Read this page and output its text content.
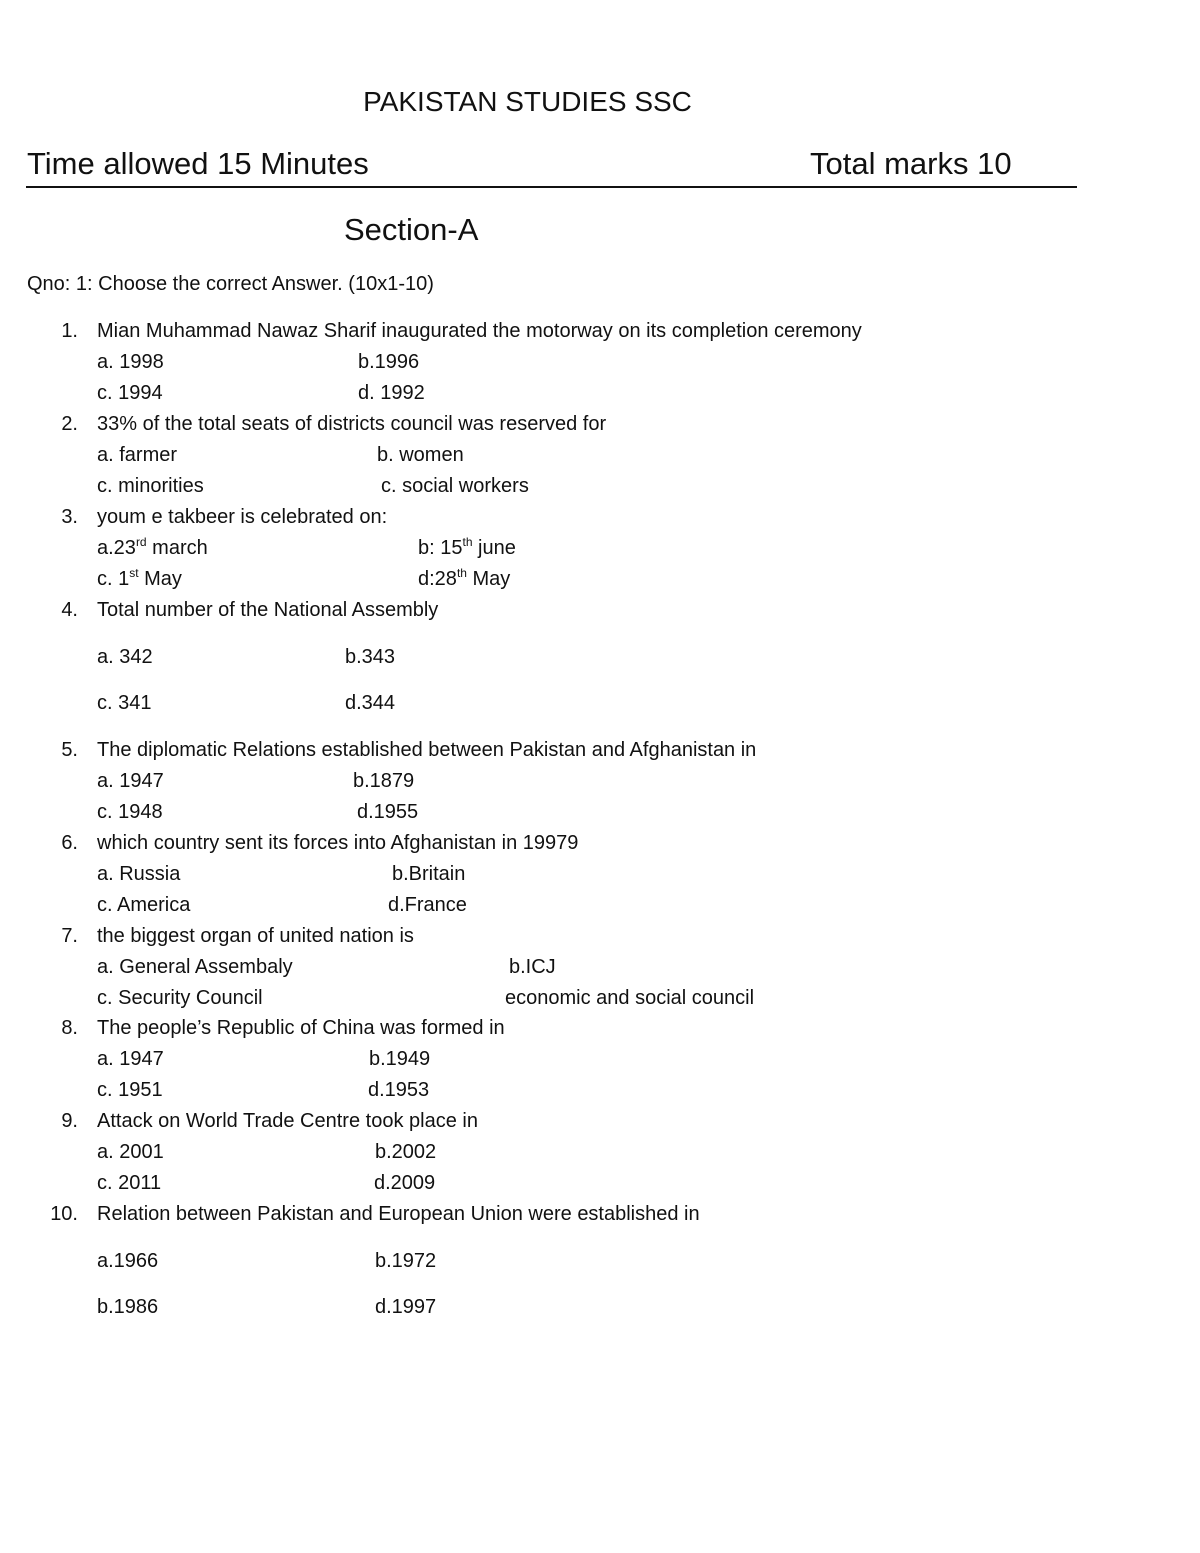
PAKISTAN STUDIES SSC
Time allowed 15 Minutes	Total marks 10
Section-A
Qno: 1: Choose the correct Answer. (10x1-10)
1. Mian Muhammad Nawaz Sharif inaugurated the motorway on its completion ceremony
a. 1998	b.1996
c. 1994	d. 1992
2. 33% of the total seats of districts council was reserved for
a. farmer	b. women
c. minorities	c. social workers
3. youm e takbeer is celebrated on:
a.23rd march	b: 15th june
c. 1st May	d:28th May
4. Total number of the National Assembly
a. 342	b.343
c. 341	d.344
5. The diplomatic Relations established between Pakistan and Afghanistan in
a. 1947	b.1879
c. 1948	d.1955
6. which country sent its forces into Afghanistan in 19979
a. Russia	b.Britain
c. America	d.France
7. the biggest organ of united nation is
a. General Assembaly	b.ICJ
c. Security Council	economic and social council
8. The people’s Republic of China was formed in
a. 1947	b.1949
c. 1951	d.1953
9. Attack on World Trade Centre took place in
a. 2001	b.2002
c. 2011	d.2009
10. Relation between Pakistan and European Union were established in
a.1966	b.1972
b.1986	d.1997
